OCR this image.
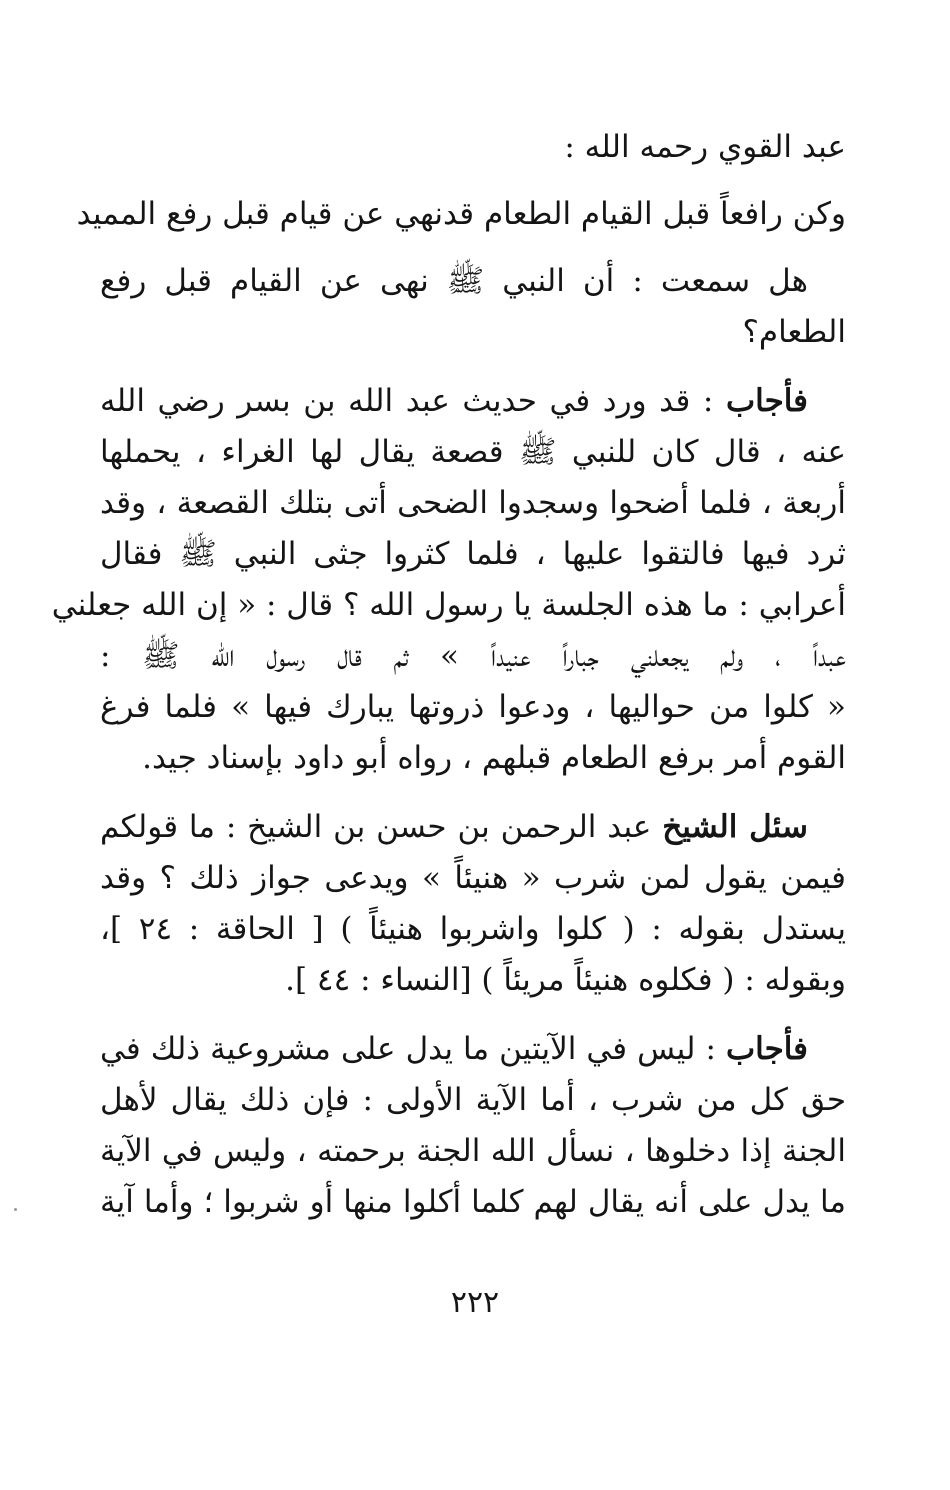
عبد القوي رحمه الله :
وكن رافعاً قبل القيام الطعام قد
نهي عن قيام قبل رفع المميد
هل سمعت : أن النبي ﷺ نهى عن القيام قبل رفع
الطعام؟
فأجاب : قد ورد في حديث عبد الله بن بسر رضي الله
عنه ، قال كان للنبي ﷺ قصعة يقال لها الغراء ، يحملها
أربعة ، فلما أضحوا وسجدوا الضحى أتى بتلك القصعة ، وقد
ثرد فيها فالتقوا عليها ، فلما كثروا جثى النبي ﷺ فقال
أعرابي : ما هذه الجلسة يا رسول الله ؟ قال : « إن الله جعلني
عبداً ، ولم يجعلني جباراً عنيداً » ثم قال رسول الله ﷺ :
« كلوا من حواليها ، ودعوا ذروتها يبارك فيها » فلما فرغ
القوم أمر برفع الطعام قبلهم ، رواه أبو داود بإسناد جيد.
سئل الشيخ عبد الرحمن بن حسن بن الشيخ : ما قولكم
فيمن يقول لمن شرب « هنيئاً » ويدعى جواز ذلك ؟ وقد
يستدل بقوله : ( كلوا واشربوا هنيئاً ) [ الحاقة : ٢٤ ]،
وبقوله : ( فكلوه هنيئاً مريئاً ) [النساء : ٤٤ ].
فأجاب : ليس في الآيتين ما يدل على مشروعية ذلك في
حق كل من شرب ، أما الآية الأولى : فإن ذلك يقال لأهل
الجنة إذا دخلوها ، نسأل الله الجنة برحمته ، وليس في الآية
ما يدل على أنه يقال لهم كلما أكلوا منها أو شربوا ؛ وأما آية
٢٢٢
